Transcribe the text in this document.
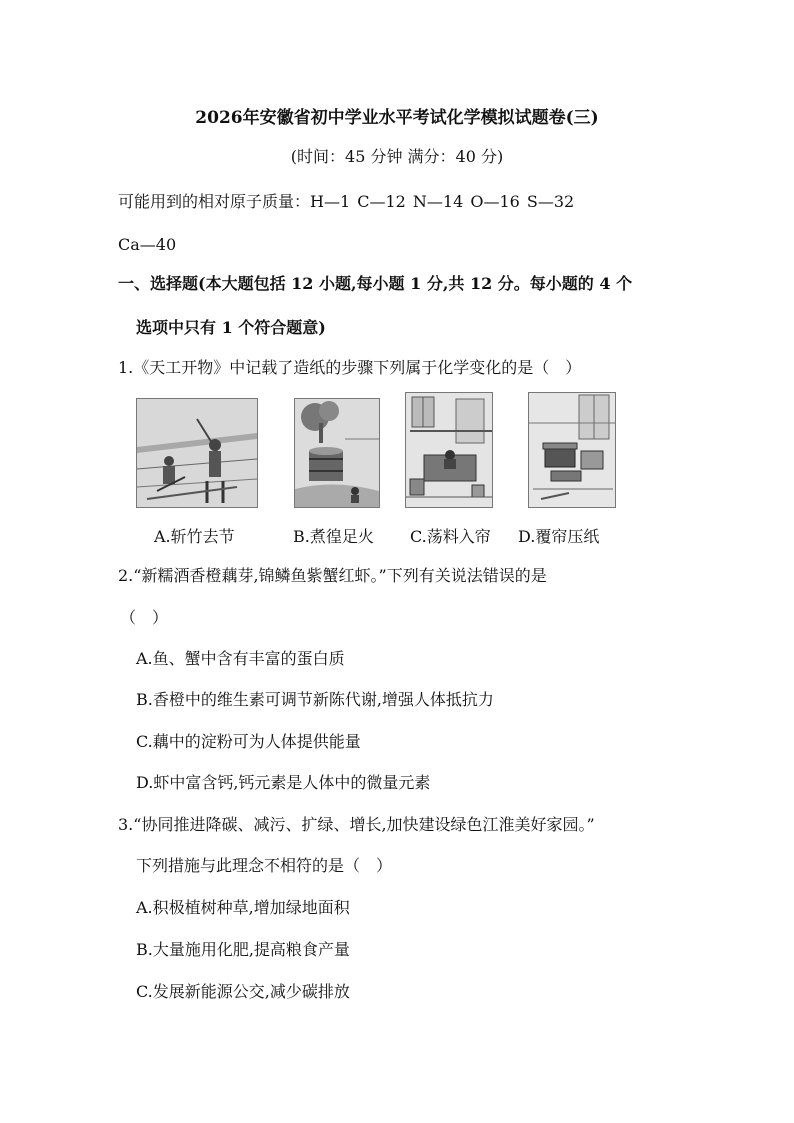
2026年安徽省初中学业水平考试化学模拟试题卷(三)
(时间：45 分钟 满分：40 分)
可能用到的相对原子质量：H—1 C—12 N—14 O—16 S—32
Ca—40
一、选择题(本大题包括 12 小题,每小题 1 分,共 12 分。每小题的 4 个
选项中只有 1 个符合题意)
1.《天工开物》中记载了造纸的步骤下列属于化学变化的是（　）
A.斩竹去节	B.煮徨足火 C.荡料入帘 D.覆帘压纸
2.“新糯酒香橙藕芽,锦鳞鱼紫蟹红虾。”下列有关说法错误的是
（　）
A.鱼、蟹中含有丰富的蛋白质
B.香橙中的维生素可调节新陈代谢,增强人体抵抗力
C.藕中的淀粉可为人体提供能量
D.虾中富含钙,钙元素是人体中的微量元素
3.“协同推进降碳、减污、扩绿、增长,加快建设绿色江淮美好家园。”
下列措施与此理念不相符的是（　）
A.积极植树种草,增加绿地面积
B.大量施用化肥,提高粮食产量
C.发展新能源公交,减少碳排放
